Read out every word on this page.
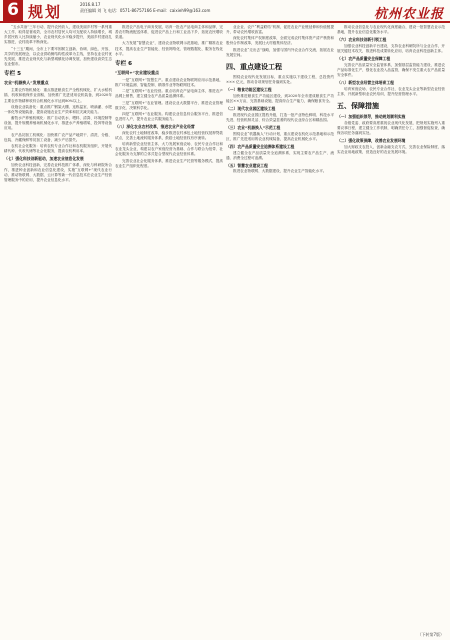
6 规划	2016.8.17
责任编辑 刘 飞 电话：0571-86757166 E-mail：caixieh99@163.com	杭州农业报

“五水共治”三年行动，提升农民收入，建设美丽乡村等一系列重大工作，取得显著成效，全市农村居民人均可支配收入持续增长，城乡居民收入比持续缩小，农业现代化水平稳步提升，美丽乡村建设扎实推进，农村改革不断深化。

“十三五”期间，全市上下要牢固树立创新、协调、绿色、开放、共享的发展理念，以农业供给侧结构性改革为主线，坚持农业农村优先发展，推进农业现代化与新型城镇化协调发展，加快建设高效生态农业强市。

专栏 5
农业“机器换人”发展重点

主要农作物机械化：重点推进粮食生产全程机械化，扩大水稻机插、机收和植保作业面积，加快推广先进适用农机装备，到2020年主要农作物耕种收综合机械化水平达到80%以上。

设施农业装备化：重点推广钢架大棚、连栋温室、喷滴灌、水肥一体化等设施装备，提高设施农业生产效率和抗灾减灾能力。

畜牧水产养殖机械化：推广自动饮水、喂料、清粪、环境控制等设备，提升规模养殖场机械化水平，推进水产养殖增氧、投饵等设备应用。

农产品初加工机械化：加快推广农产品产地烘干、清洗、分级、包装、冷藏保鲜等初加工设备，减少产后损失。

农机社会化服务：培育农机专业合作社和农机服务组织，开展代耕代种、代收代储等社会化服务，提高农机利用率。

（七）强化科技创新驱动，加速农业信息化发展

加快农业科技创新，完善农业科技推广体系，深化与科研院所合作，推进种业创新和农业信息化建设，实施“互联网+”现代农业行动，推动物联网、大数据、云计算等新一代信息技术在农业生产经营管理服务中的应用，提升农业信息化水平。

推进农产品电子商务发展，培育一批农产品电商主体和品牌，完善农村物流配送体系，促进农产品上行和工业品下乡，拓宽农民增收渠道。

大力发展“智慧农业”，建设农业物联网示范基地，推广精准农业技术，提高农业生产智能化、经营网络化、管理数据化、服务在线化水平。

专栏 6
“互联网+”农业建设重点

一是“互联网+”智慧生产。重点建设农业物联网应用示范基地，推广环境监测、智能控制、精准作业等物联网技术。

二是“互联网+”农业经营。重点培育农产品电商主体，推进农产品网上销售，建立健全农产品质量追溯体系。

三是“互联网+”农业管理。建设农业大数据平台，推进农业管理数字化、决策科学化。

四是“互联网+”农业服务。构建农业信息综合服务平台，推进信息进村入户，提升农业公共服务能力。

（八）深化农业农村改革，推进农业产业化经营

深化农村土地制度改革，稳步推进农村承包土地经营权抵押贷款试点，完善土地流转服务体系，鼓励土地经营权有序流转。

培育新型农业经营主体，大力发展家庭农场、农民专业合作社和农业龙头企业，构建以农户家庭经营为基础、合作与联合为纽带、社会化服务为支撑的立体式复合型现代农业经营体系。

完善农业社会化服务体系，推进农业生产托管等服务模式，提高农业生产组织化程度。

业企业、农户“利益联结”机制，促进农业产业链延伸和价值链提升，带动农民增收致富。

深化农村集体产权制度改革，全面完成农村集体资产清产核资和股份合作制改革，发展壮大村级集体经济。

推进农业“走出去”战略，加强与国内外农业合作交流，拓展农业发展空间。

四、重点建设工程

围绕农业现代化发展目标，重点实施以下建设工程，总投资约 ××× 亿元，推动各项规划任务落到实处。

（一）粮食功能区建设工程

加快推进粮食生产功能区建设，到2020年全市建成粮食生产功能区××万亩，完善基础设施，提高综合生产能力，确保粮食安全。

（二）现代农业园区建设工程

推进现代农业园区提档升级，打造一批产业特色鲜明、科技水平先进、经营机制灵活、综合效益显著的现代农业综合区和精品园。

（三）农业“机器换人”示范工程

围绕农业“机器换人”行动计划，重点建设农机化示范基地和示范区，推广先进适用的农业机械装备，提高农业机械化水平。

（四）农产品质量安全追溯体系建设工程

建立健全农产品质量安全追溯体系，实现主要农产品生产、流通、消费全过程可追溯。

（五）智慧农业建设工程

推进农业物联网、大数据建设，提升农业生产智能化水平。

推动农业信息化与农业现代化深度融合，建设一批智慧农业示范基地，提升农业信息化服务水平。

（六）农业科技创新引领工程

加强农业科技创新平台建设，支持农业科研院所与企业合作，开展关键技术攻关，推进科技成果转化应用，培育农业科技创新主体。

（七）农产品质量安全保障工程

完善农产品质量安全监管体系，加强基层监管能力建设，推进农产品标准化生产，强化农业投入品监管，确保不发生重大农产品质量安全事件。

（八）新型农业经营主体培育工程

培育家庭农场、农民专业合作社、农业龙头企业等新型农业经营主体，开展新型职业农民培训，提升经营管理水平。

五、保障措施
（一）加强组织领导，推动规划顺利实施

各级党委、政府要高度重视农业现代化发展，把规划实施列入重要议事日程，建立健全工作机制，明确责任分工，加强督促检查，确保各项任务落到实处。

（二）强化政策保障，改善农业发展环境

加大财政支农投入，创新金融支农方式，完善农业保险制度，落实农业用地政策，营造良好的农业发展环境。

（下转第7版）
